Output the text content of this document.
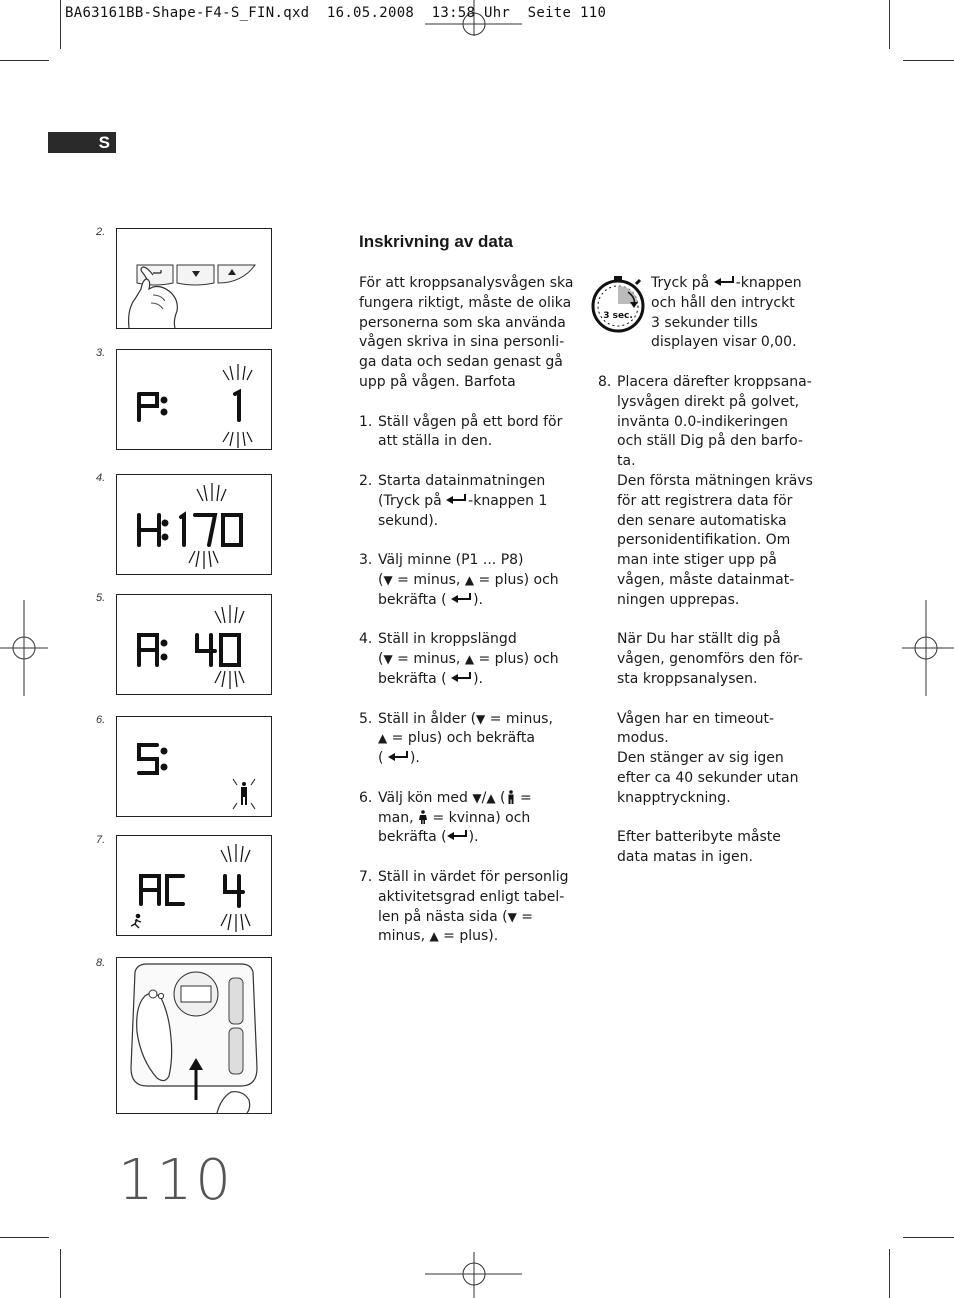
BA63161BB-Shape-F4-S_FIN.qxd  16.05.2008  13:58 Uhr  Seite 110
S
2.
3.
4.
5.
6.
7.
8.
Inskrivning av data

För att kroppsanalysvågen ska
fungera riktigt, måste de olika
personerna som ska använda
vågen skriva in sina personli-
ga data och sedan genast gå
upp på vågen. Barfota

1. Ställ vågen på ett bord för
att ställa in den.
2. Starta datainmatningen
(Tryck på -knappen 1
sekund).
3. Välj minne (P1 ... P8)
(▼ = minus, ▲ = plus) och
bekräfta ( ).
4. Ställ in kroppslängd
(▼ = minus, ▲ = plus) och
bekräfta ( ).
5. Ställ in ålder (▼ = minus,
▲ = plus) och bekräfta
( ).
6. Välj kön med ▼/▲ ( =
man,  = kvinna) och
bekräfta ( ).
7. Ställ in värdet för personlig
aktivitetsgrad enligt tabel-
len på nästa sida (▼ =
minus, ▲ = plus).
3 sec.
Tryck på -knappen
och håll den intryckt
3 sekunder tills
displayen visar 0,00.
8. Placera därefter kroppsana-
lysvågen direkt på golvet,
invänta 0.0-indikeringen
och ställ Dig på den barfo-
ta.
Den första mätningen krävs
för att registrera data för
den senare automatiska
personidentifikation. Om
man inte stiger upp på
vågen, måste datainmat-
ningen upprepas.
När Du har ställt dig på
vågen, genomförs den för-
sta kroppsanalysen.
Vågen har en timeout-
modus.
Den stänger av sig igen
efter ca 40 sekunder utan
knapptryckning.
Efter batteribyte måste
data matas in igen.
110
